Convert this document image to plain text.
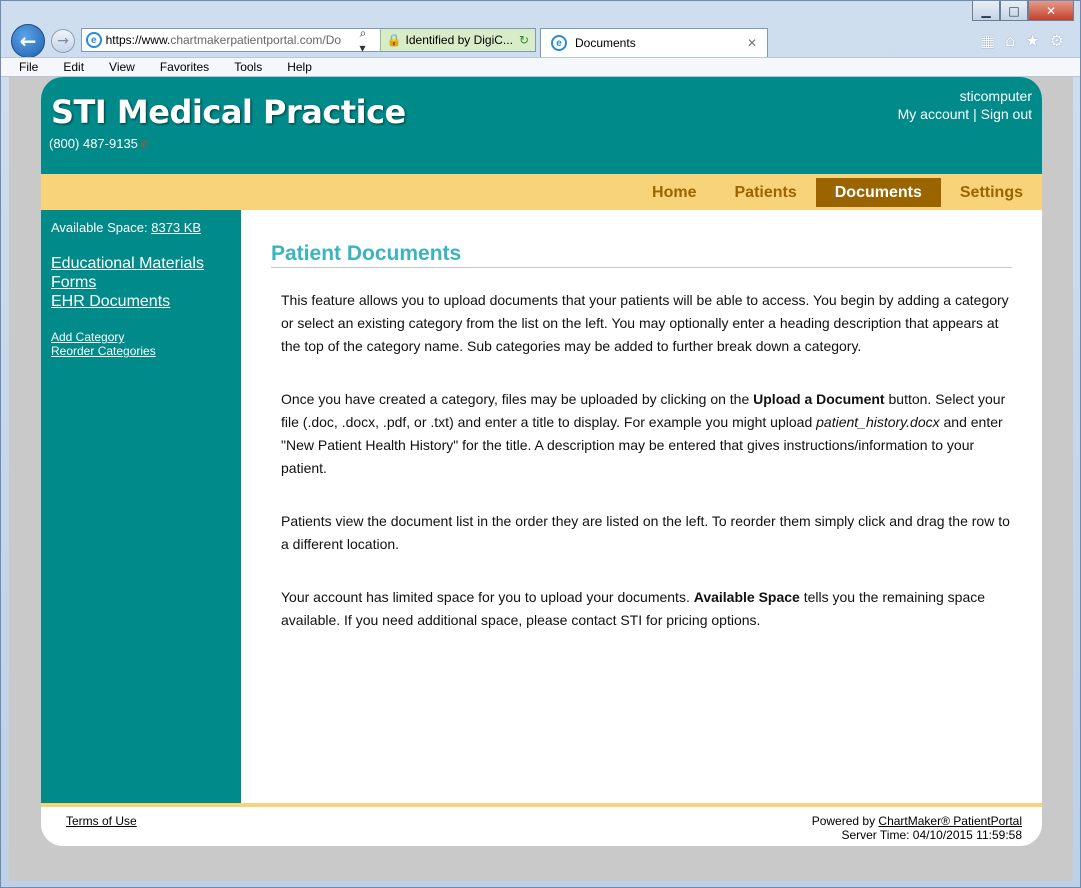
▁	□	✕
←	→	e https://www.chartmakerpatientportal.com/Do
⌕ ▾
🔒 Identified by DigiC... ↻	e	Documents	✕	▦ ⌂ ★ ⚙
File Edit View Favorites Tools Help
STI Medical Practice
(800) 487-9135 ✆
sticomputer
My account | Sign out
Home	Patients	Documents	Settings
Available Space: 8373 KB
Educational Materials
Forms
EHR Documents
Add Category
Reorder Categories
Patient Documents

This feature allows you to upload documents that your patients will be able to access. You begin by adding a category or select an existing category from the list on the left. You may optionally enter a heading description that appears at the top of the category name. Sub categories may be added to further break down a category.

Once you have created a category, files may be uploaded by clicking on the Upload a Document button. Select your file (.doc, .docx, .pdf, or .txt) and enter a title to display. For example you might upload patient_history.docx and enter "New Patient Health History" for the title. A description may be entered that gives instructions/information to your patient.

Patients view the document list in the order they are listed on the left. To reorder them simply click and drag the row to a different location.

Your account has limited space for you to upload your documents. Available Space tells you the remaining space available. If you need additional space, please contact STI for pricing options.

Terms of Use	Powered by ChartMaker® PatientPortal
Server Time: 04/10/2015 11:59:58
